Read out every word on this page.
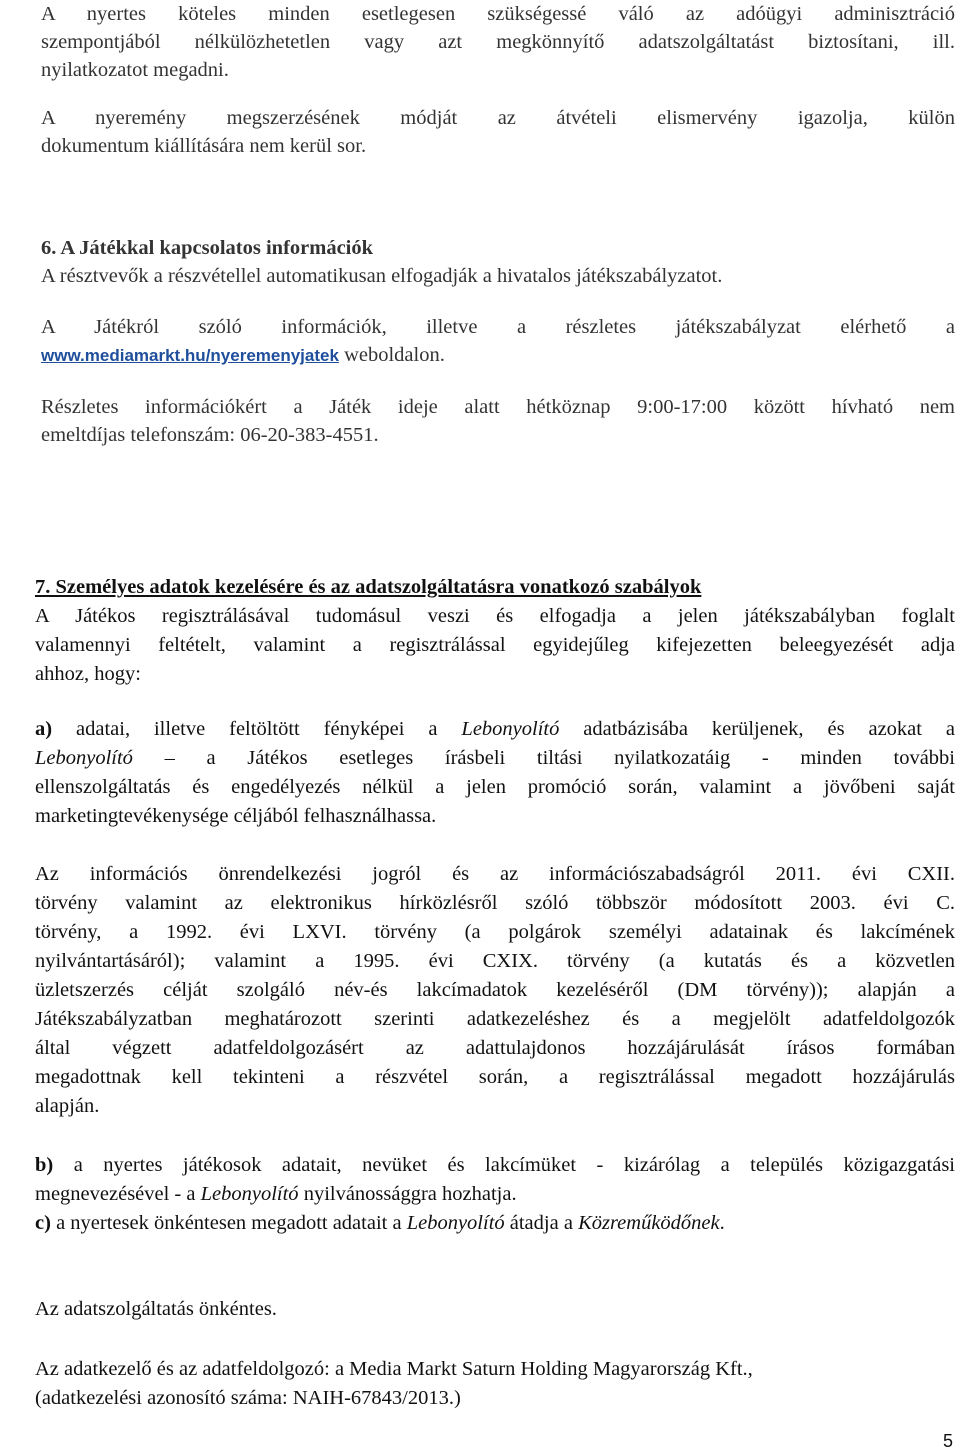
A nyertes köteles minden esetlegesen szükségessé váló az adóügyi adminisztráció
szempontjából nélkülözhetetlen vagy azt megkönnyítő adatszolgáltatást biztosítani, ill.
nyilatkozatot megadni.
A nyeremény megszerzésének módját az átvételi elismervény igazolja, külön
dokumentum kiállítására nem kerül sor.
6. A Játékkal kapcsolatos információk
A résztvevők a részvétellel automatikusan elfogadják a hivatalos játékszabályzatot.
A Játékról szóló információk, illetve a részletes játékszabályzat elérhető a
www.mediamarkt.hu/nyeremenyjatek weboldalon.
Részletes információkért a Játék ideje alatt hétköznap 9:00-17:00 között hívható nem
emeltdíjas telefonszám: 06-20-383-4551.
7. Személyes adatok kezelésére és az adatszolgáltatásra vonatkozó szabályok
A Játékos regisztrálásával tudomásul veszi és elfogadja a jelen játékszabályban foglalt
valamennyi feltételt, valamint a regisztrálással egyidejűleg kifejezetten beleegyezését adja
ahhoz, hogy:
a) adatai, illetve feltöltött fényképei a Lebonyolító adatbázisába kerüljenek, és azokat a
Lebonyolító – a Játékos esetleges írásbeli tiltási nyilatkozatáig - minden további
ellenszolgáltatás és engedélyezés nélkül a jelen promóció során, valamint a jövőbeni saját
marketingtevékenysége céljából felhasználhassa.
Az információs önrendelkezési jogról és az információszabadságról 2011. évi CXII.
törvény valamint az elektronikus hírközlésről szóló többször módosított 2003. évi C.
törvény, a 1992. évi LXVI. törvény (a polgárok személyi adatainak és lakcímének
nyilvántartásáról); valamint a 1995. évi CXIX. törvény (a kutatás és a közvetlen
üzletszerzés célját szolgáló név-és lakcímadatok kezeléséről (DM törvény)); alapján a
Játékszabályzatban meghatározott szerinti adatkezeléshez és a megjelölt adatfeldolgozók
által végzett adatfeldolgozásért az adattulajdonos hozzájárulását írásos formában
megadottnak kell tekinteni a részvétel során, a regisztrálással megadott hozzájárulás
alapján.
b) a nyertes játékosok adatait, nevüket és lakcímüket - kizárólag a település közigazgatási
megnevezésével - a Lebonyolító nyilvánossággra hozhatja.
c) a nyertesek önkéntesen megadott adatait a Lebonyolító átadja a Közreműködőnek.
Az adatszolgáltatás önkéntes.
Az adatkezelő és az adatfeldolgozó: a Media Markt Saturn Holding Magyarország Kft.,
(adatkezelési azonosító száma: NAIH-67843/2013.)
5
